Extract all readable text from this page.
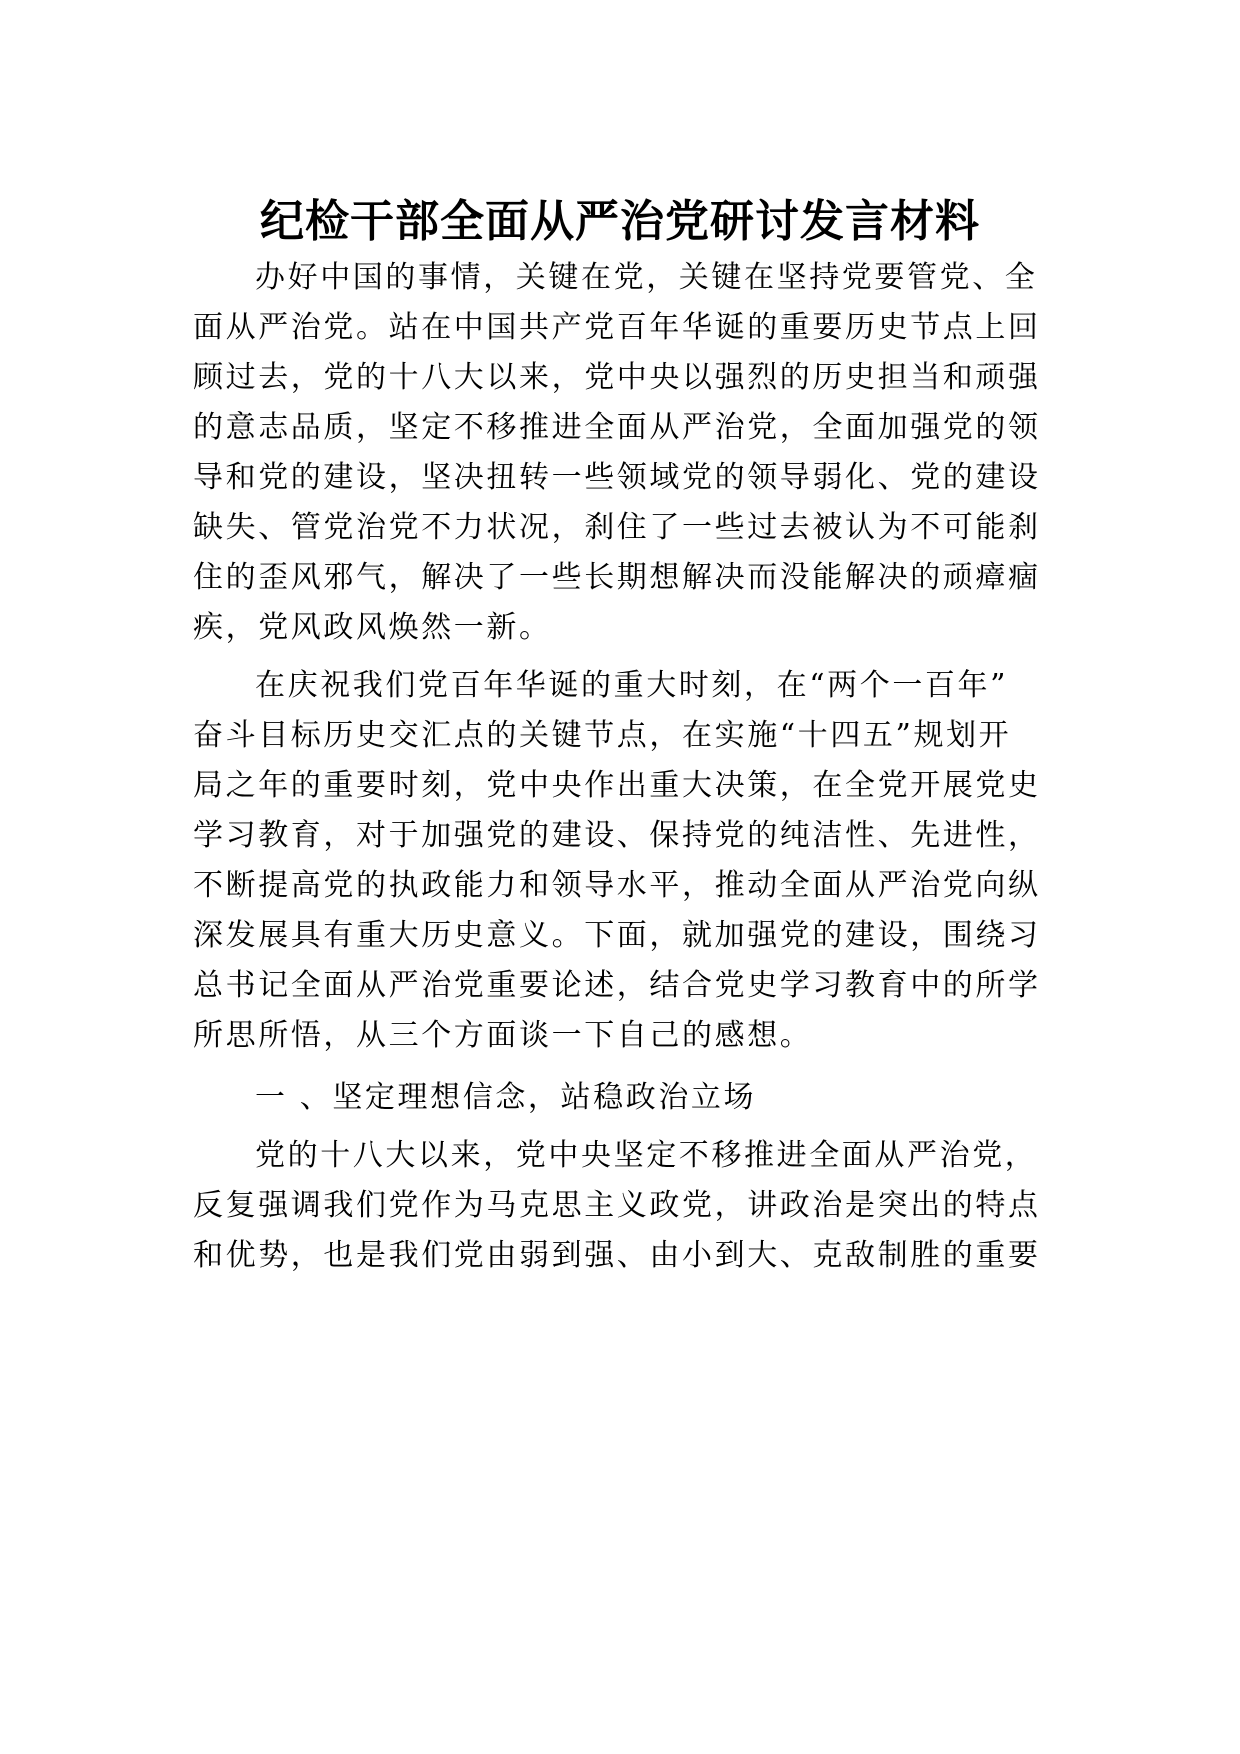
纪检干部全面从严治党研讨发言材料
办好中国的事情，关键在党，关键在坚持党要管党、全
面从严治党。站在中国共产党百年华诞的重要历史节点上回
顾过去，党的十八大以来，党中央以强烈的历史担当和顽强
的意志品质，坚定不移推进全面从严治党，全面加强党的领
导和党的建设，坚决扭转一些领域党的领导弱化、党的建设
缺失、管党治党不力状况，刹住了一些过去被认为不可能刹
住的歪风邪气，解决了一些长期想解决而没能解决的顽瘴痼
疾，党风政风焕然一新。
在庆祝我们党百年华诞的重大时刻，在“两个一百年”
奋斗目标历史交汇点的关键节点，在实施“十四五”规划开
局之年的重要时刻，党中央作出重大决策，在全党开展党史
学习教育，对于加强党的建设、保持党的纯洁性、先进性，
不断提高党的执政能力和领导水平，推动全面从严治党向纵
深发展具有重大历史意义。下面，就加强党的建设，围绕习
总书记全面从严治党重要论述，结合党史学习教育中的所学
所思所悟，从三个方面谈一下自己的感想。
一 、坚定理想信念，站稳政治立场
党的十八大以来，党中央坚定不移推进全面从严治党，
反复强调我们党作为马克思主义政党，讲政治是突出的特点
和优势，也是我们党由弱到强、由小到大、克敌制胜的重要
